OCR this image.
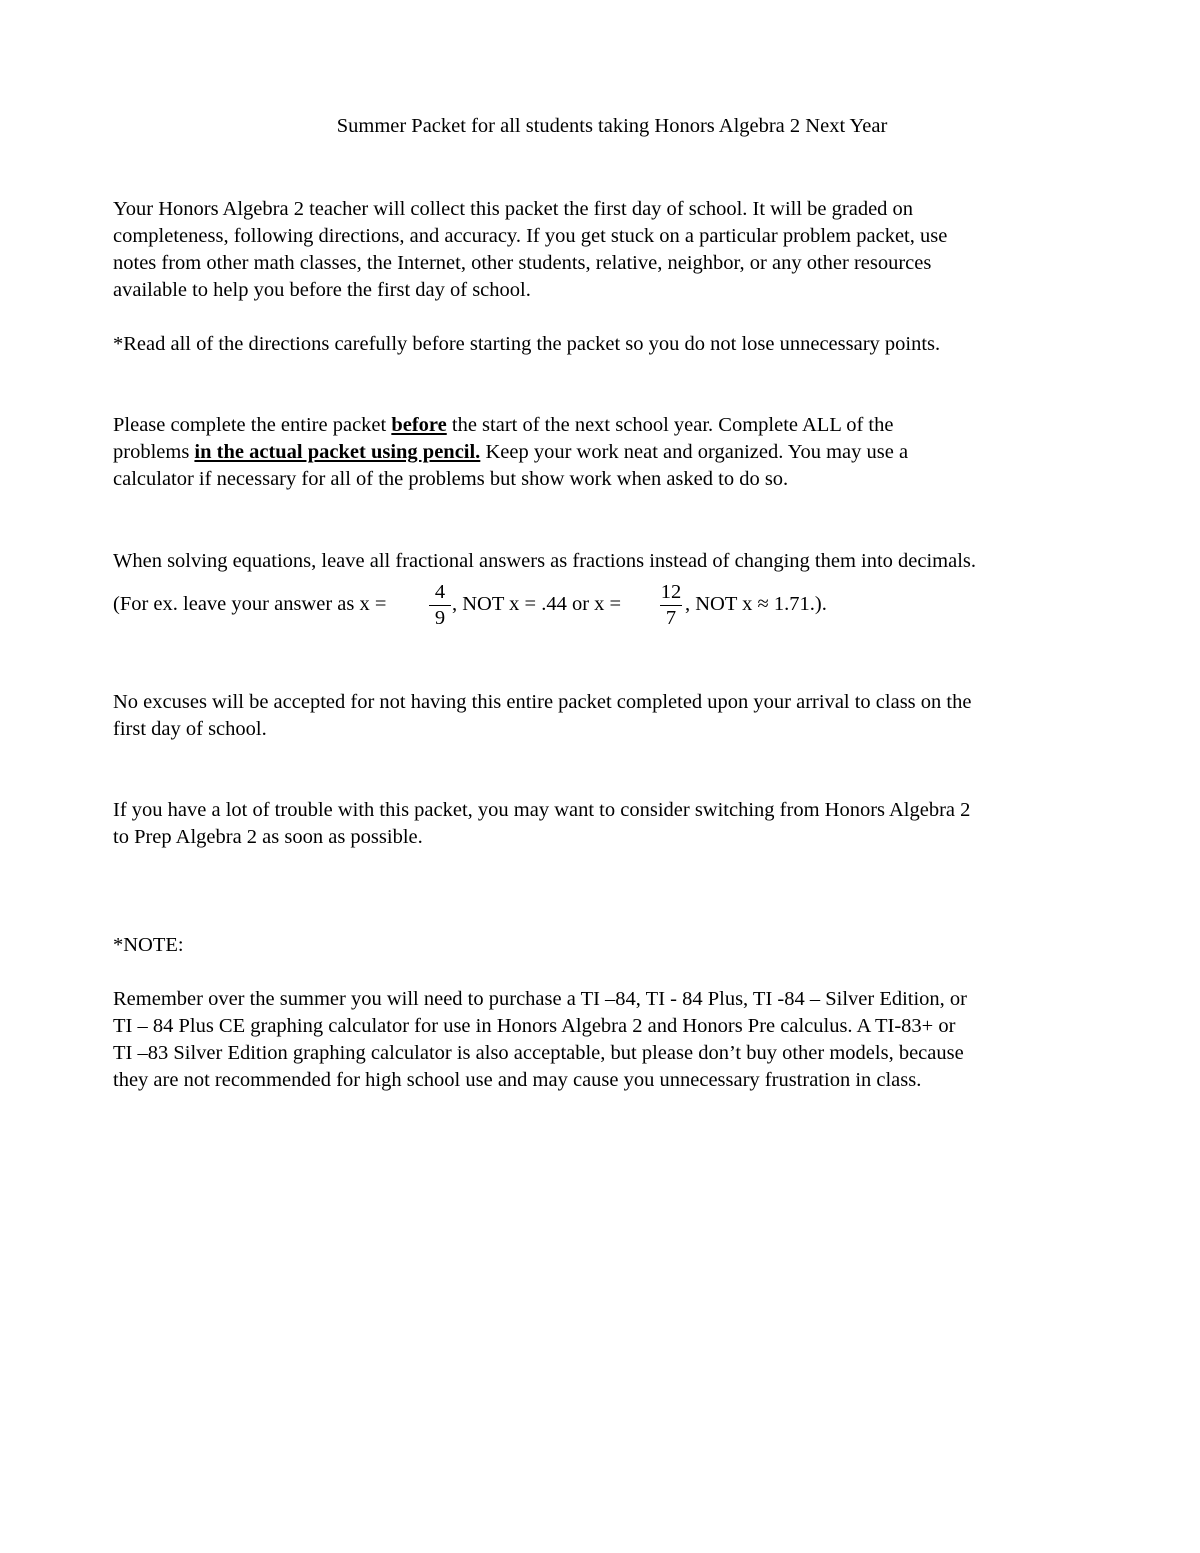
Summer Packet for all students taking Honors Algebra 2 Next Year
Your Honors Algebra 2 teacher will collect this packet the first day of school. It will be graded on
completeness, following directions, and accuracy. If you get stuck on a particular problem packet, use
notes from other math classes, the Internet, other students, relative, neighbor, or any other resources
available to help you before the first day of school.
*Read all of the directions carefully before starting the packet so you do not lose unnecessary points.
Please complete the entire packet before the start of the next school year. Complete ALL of the
problems in the actual packet using pencil. Keep your work neat and organized. You may use a
calculator if necessary for all of the problems but show work when asked to do so.
When solving equations, leave all fractional answers as fractions instead of changing them into decimals.
(For ex. leave your answer as x =
4
9
, NOT x = .44 or x =
12
7
, NOT x ≈ 1.71.).
No excuses will be accepted for not having this entire packet completed upon your arrival to class on the
first day of school.
If you have a lot of trouble with this packet, you may want to consider switching from Honors Algebra 2
to Prep Algebra 2 as soon as possible.
*NOTE:
Remember over the summer you will need to purchase a TI –84, TI - 84 Plus, TI -84 – Silver Edition, or
TI – 84 Plus CE graphing calculator for use in Honors Algebra 2 and Honors Pre calculus. A TI-83+ or
TI –83 Silver Edition graphing calculator is also acceptable, but please don’t buy other models, because
they are not recommended for high school use and may cause you unnecessary frustration in class.
